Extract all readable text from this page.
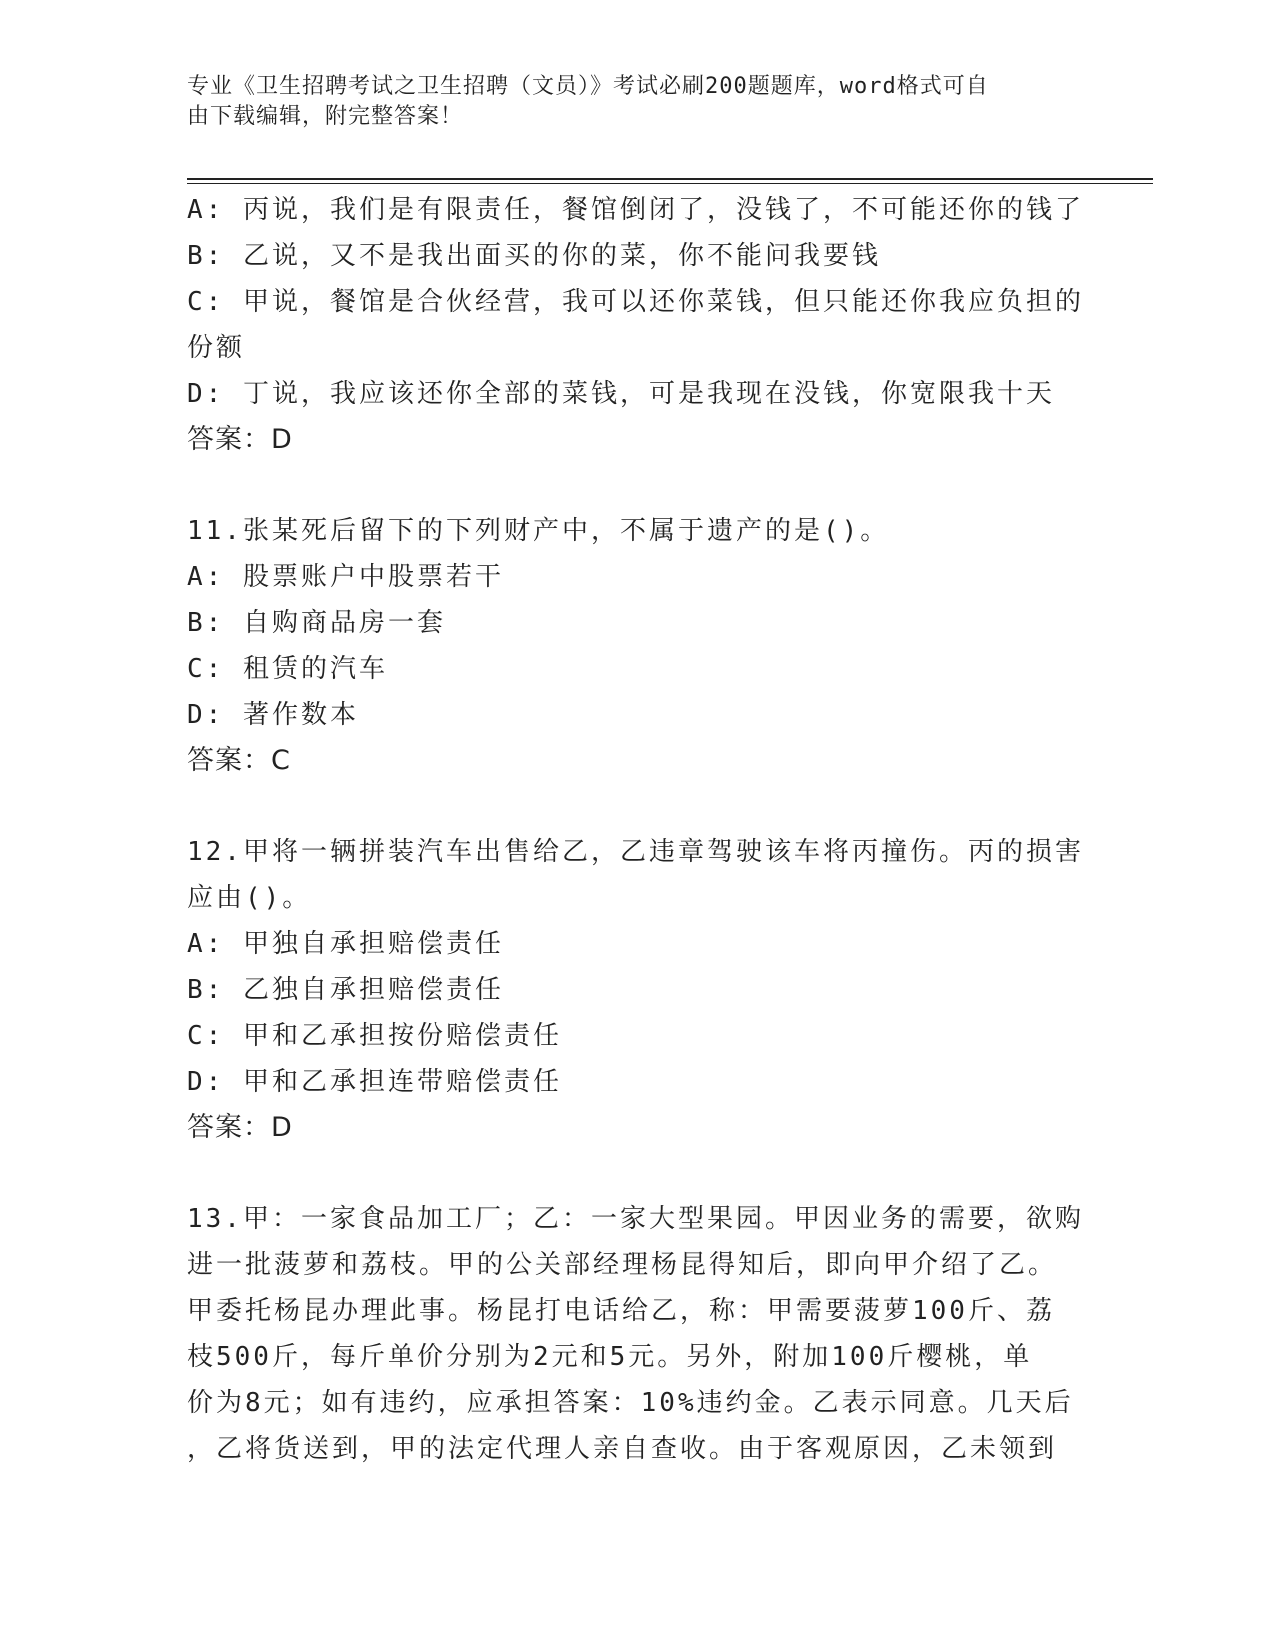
专业《卫生招聘考试之卫生招聘（文员）》考试必刷200题题库，word格式可自
由下载编辑，附完整答案！
A: 丙说，我们是有限责任，餐馆倒闭了，没钱了，不可能还你的钱了
B: 乙说，又不是我出面买的你的菜，你不能问我要钱
C: 甲说，餐馆是合伙经营，我可以还你菜钱，但只能还你我应负担的
份额
D: 丁说，我应该还你全部的菜钱，可是我现在没钱，你宽限我十天
答案：D
11.张某死后留下的下列财产中，不属于遗产的是()。
A: 股票账户中股票若干
B: 自购商品房一套
C: 租赁的汽车
D: 著作数本
答案：C
12.甲将一辆拼装汽车出售给乙，乙违章驾驶该车将丙撞伤。丙的损害
应由()。
A: 甲独自承担赔偿责任
B: 乙独自承担赔偿责任
C: 甲和乙承担按份赔偿责任
D: 甲和乙承担连带赔偿责任
答案：D
13.甲：一家食品加工厂；乙：一家大型果园。甲因业务的需要，欲购
进一批菠萝和荔枝。甲的公关部经理杨昆得知后，即向甲介绍了乙。
甲委托杨昆办理此事。杨昆打电话给乙，称：甲需要菠萝100斤、荔
枝500斤，每斤单价分别为2元和5元。另外，附加100斤樱桃，单
价为8元；如有违约，应承担答案：10%违约金。乙表示同意。几天后
，乙将货送到，甲的法定代理人亲自查收。由于客观原因，乙未领到
